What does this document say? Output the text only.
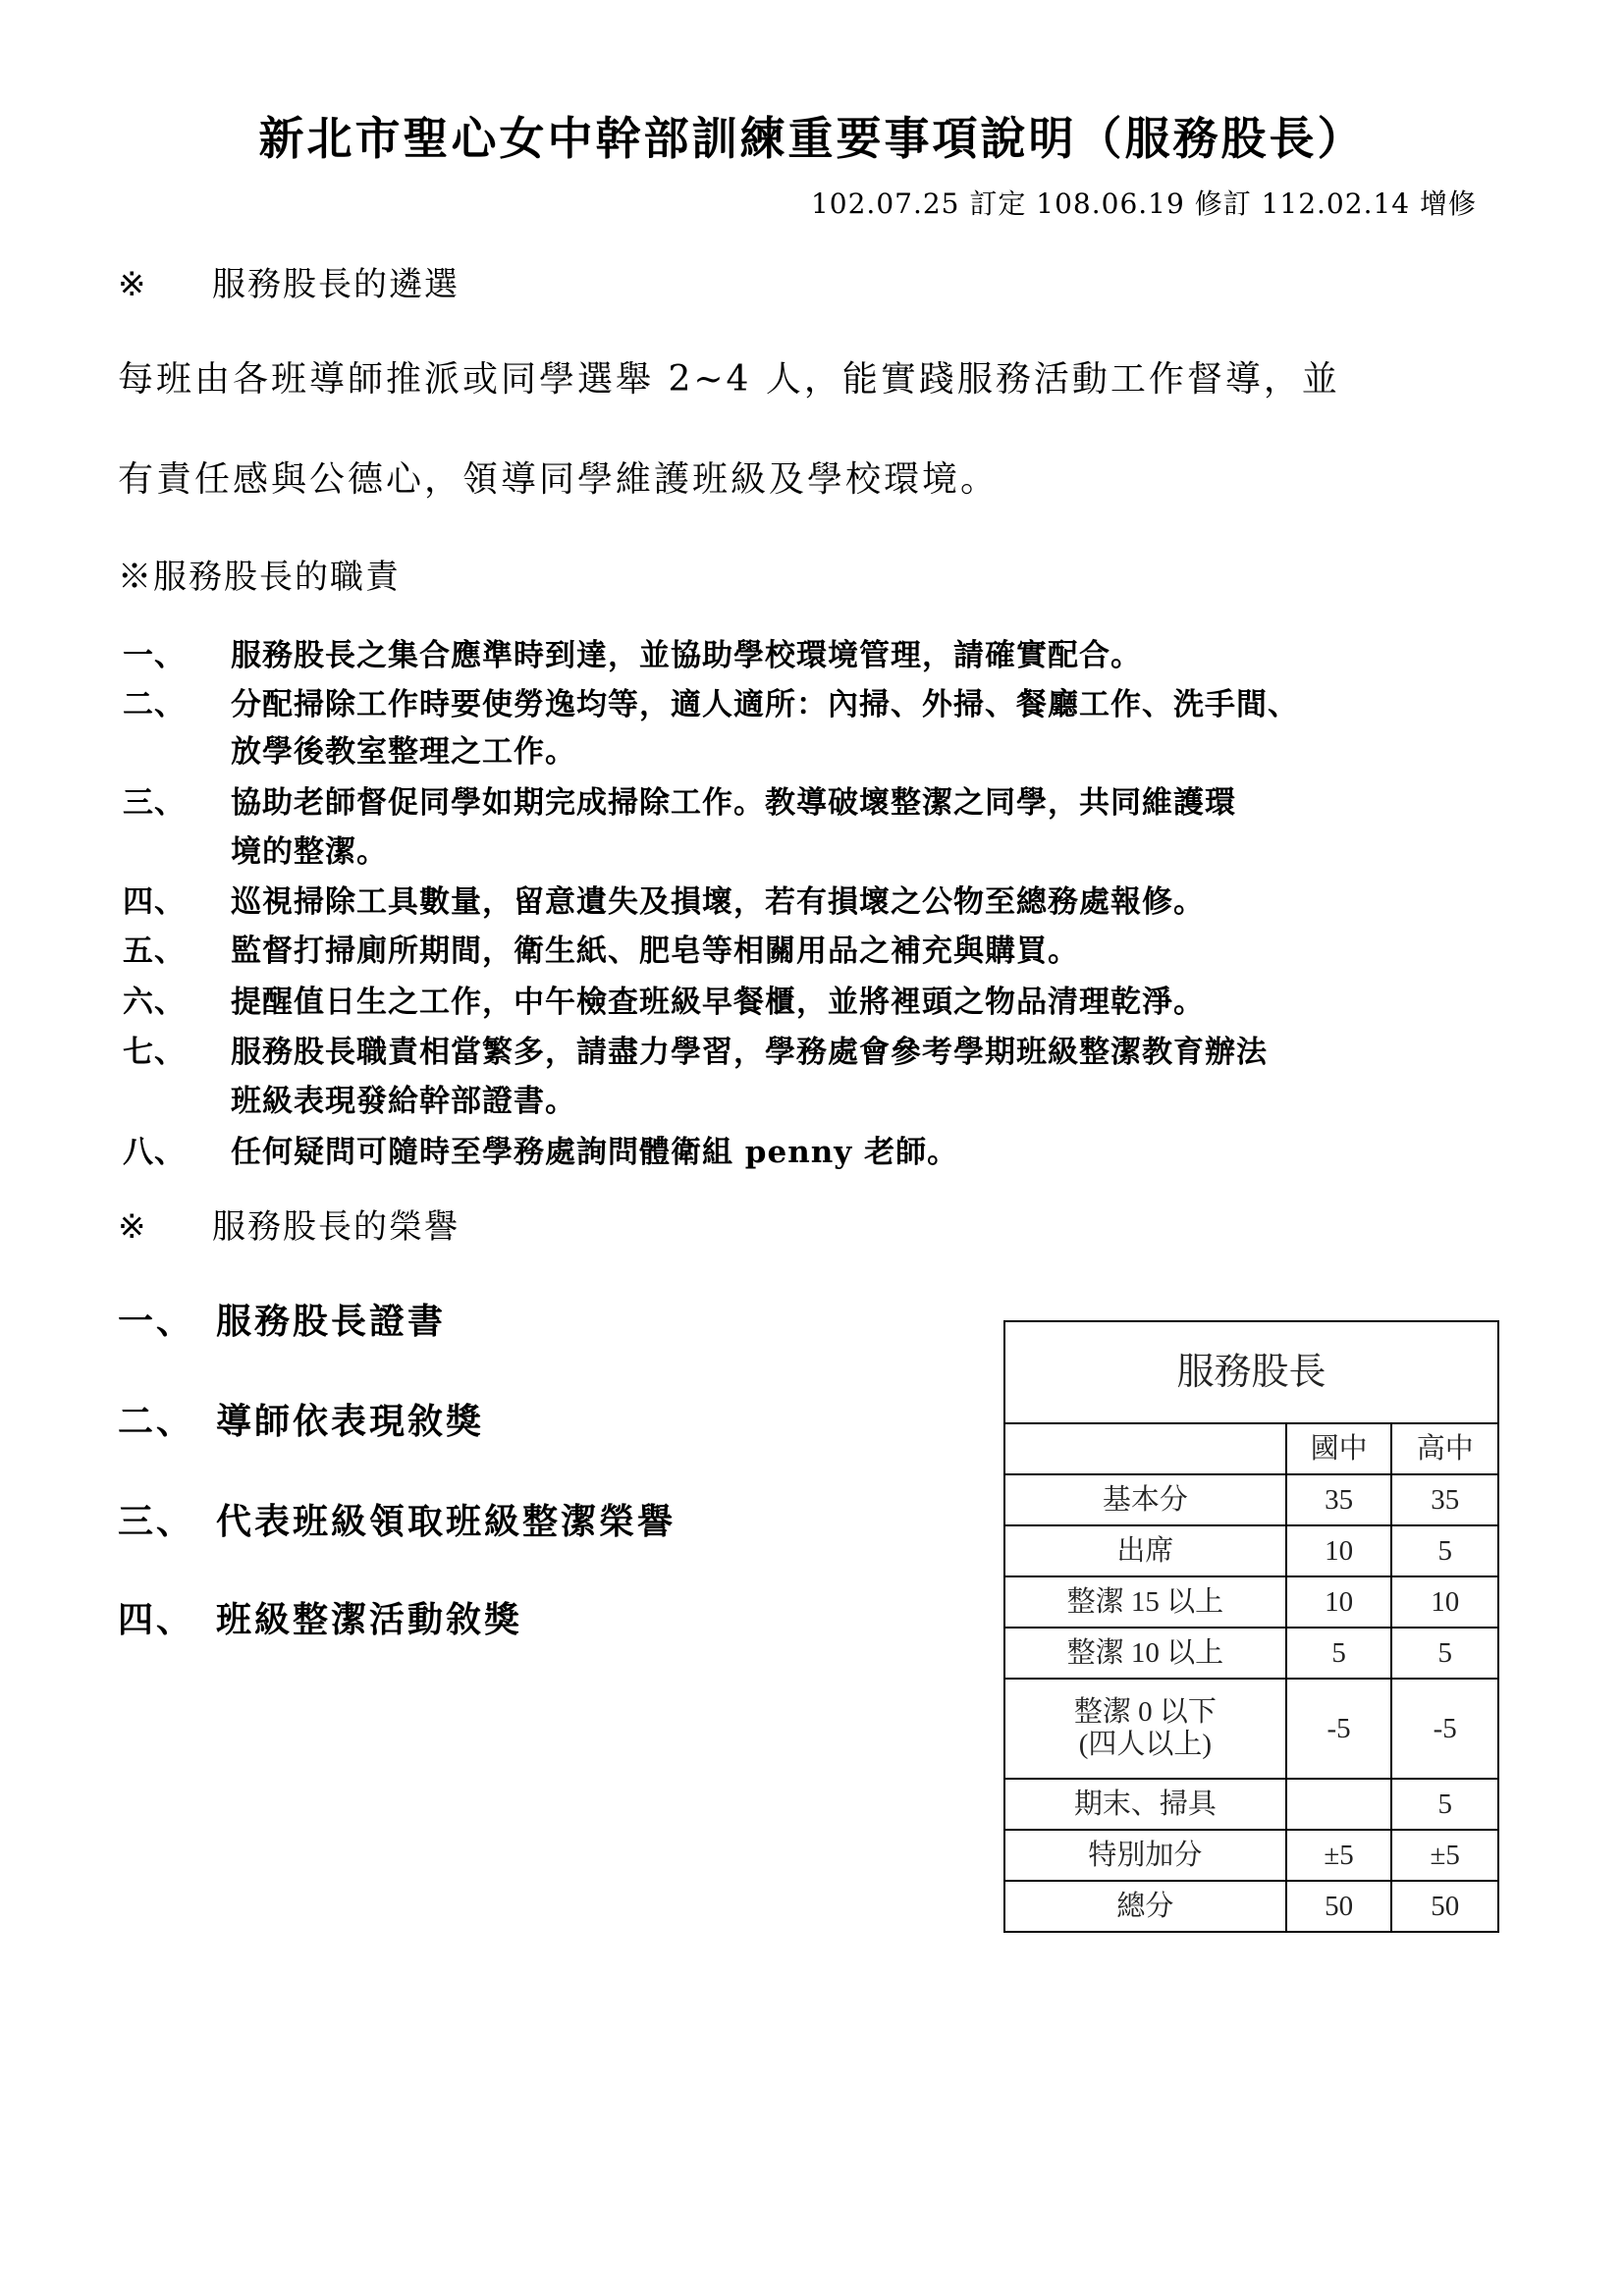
新北市聖心女中幹部訓練重要事項說明（服務股長）
102.07.25 訂定 108.06.19 修訂 112.02.14 增修
※ 服務股長的遴選
每班由各班導師推派或同學選舉 2~4 人，能實踐服務活動工作督導，並
有責任感與公德心，領導同學維護班級及學校環境。
※服務股長的職責
一、 服務股長之集合應準時到達，並協助學校環境管理，請確實配合。
二、 分配掃除工作時要使勞逸均等，適人適所：內掃、外掃、餐廳工作、洗手間、
放學後教室整理之工作。
三、 協助老師督促同學如期完成掃除工作。教導破壞整潔之同學，共同維護環
境的整潔。
四、 巡視掃除工具數量，留意遺失及損壞，若有損壞之公物至總務處報修。
五、 監督打掃廁所期間，衛生紙、肥皂等相關用品之補充與購買。
六、 提醒值日生之工作，中午檢查班級早餐櫃，並將裡頭之物品清理乾淨。
七、 服務股長職責相當繁多，請盡力學習，學務處會參考學期班級整潔教育辦法
班級表現發給幹部證書。
八、 任何疑問可隨時至學務處詢問體衛組 penny 老師。
※ 服務股長的榮譽
一、 服務股長證書
二、 導師依表現敘獎
三、 代表班級領取班級整潔榮譽
四、 班級整潔活動敘獎
服務股長		
	國中	高中
基本分	35	35
出席	10	5
整潔 15 以上	10	10
整潔 10 以上	5	5

整潔 0 以下
(四人以上)	-5	-5
期末、掃具		5
特別加分	±5	±5
總分	50	50
